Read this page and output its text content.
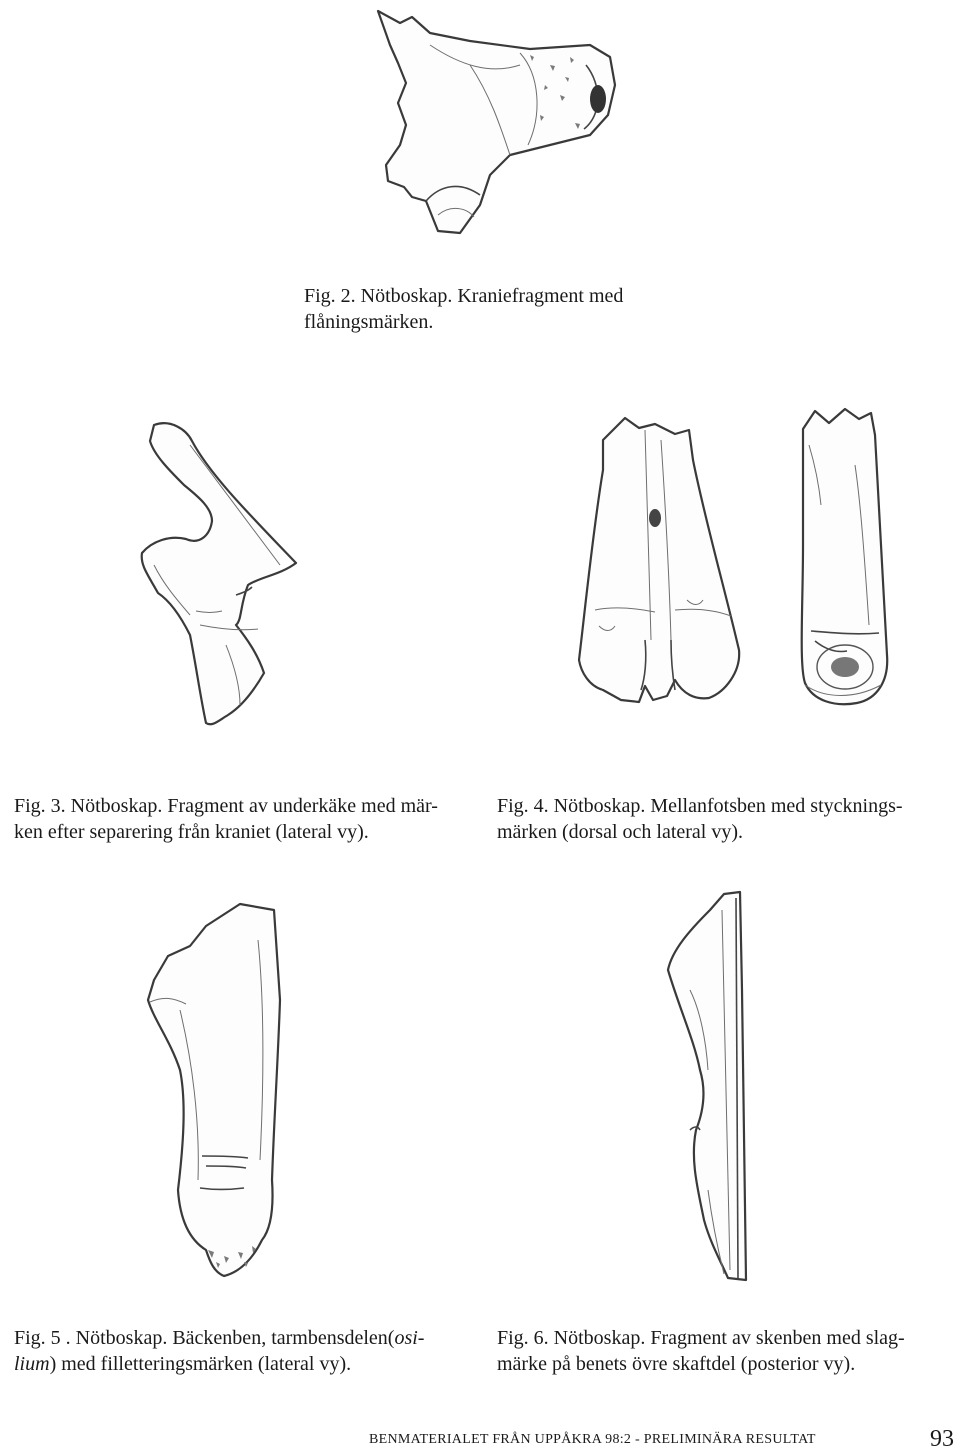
Fig. 2. Nötboskap. Kraniefragment med
flåningsmärken.
Fig. 3. Nötboskap. Fragment av underkäke med mär-
ken efter separering från kraniet (lateral vy).
Fig. 4. Nötboskap. Mellanfotsben med stycknings-
märken (dorsal och lateral vy).
Fig. 5 . Nötboskap. Bäckenben, tarmbensdelen(osi-
lium) med filletteringsmärken (lateral vy).
Fig. 6. Nötboskap. Fragment av skenben med slag-
märke på benets övre skaftdel (posterior vy).
BENMATERIALET FRÅN UPPÅKRA 98:2 - PRELIMINÄRA RESULTAT	93
